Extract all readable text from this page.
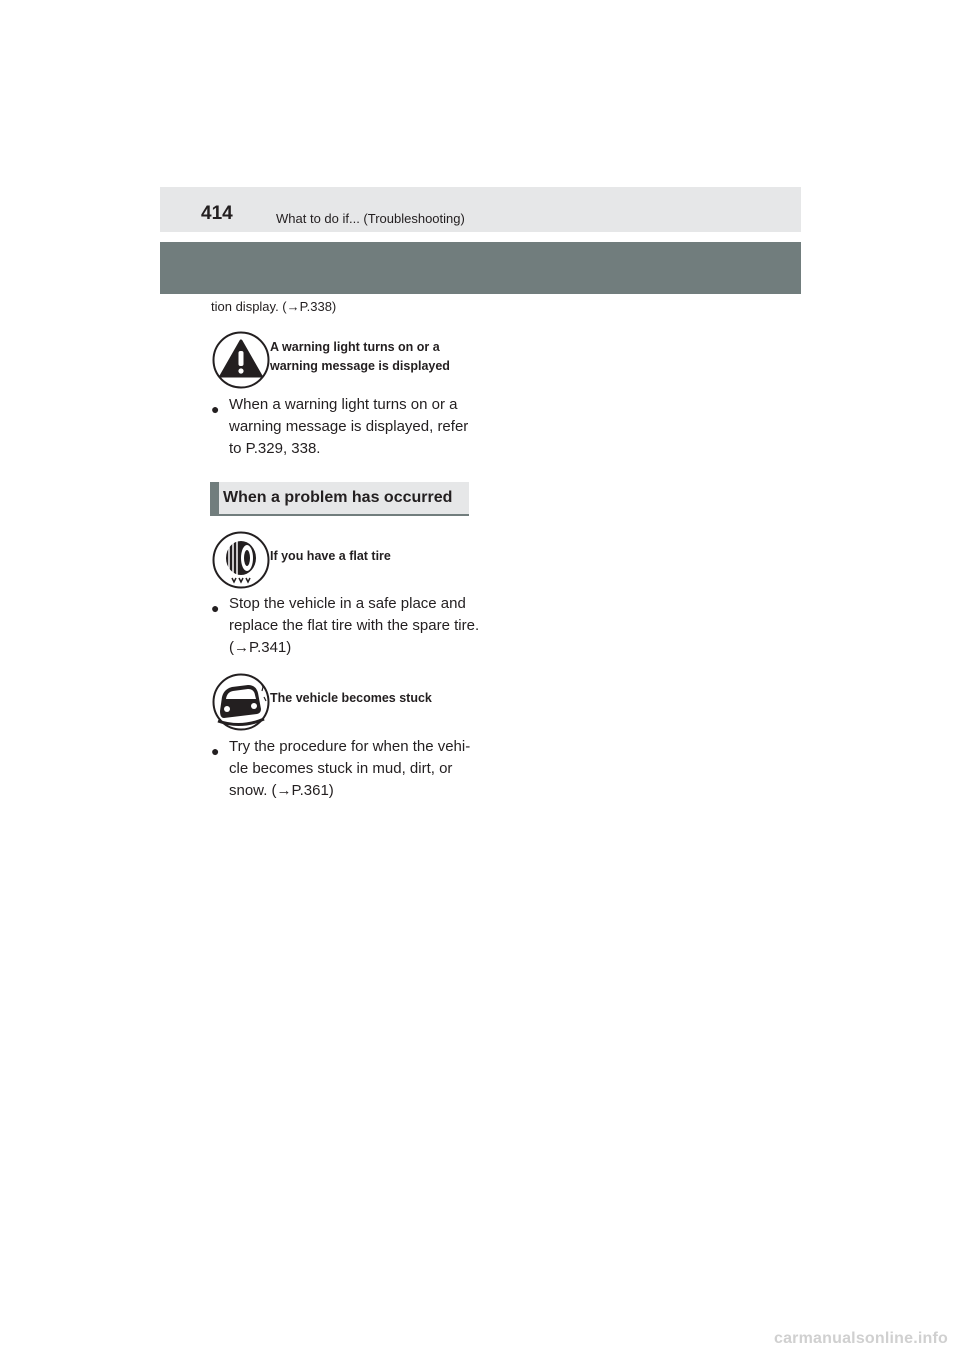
414	What to do if... (Troubleshooting)
tion display. (→P.338)
A warning light turns on or a warning message is displayed
● When a warning light turns on or a warning message is displayed, refer to P.329, 338.
When a problem has occurred
If you have a flat tire
● Stop the vehicle in a safe place and replace the flat tire with the spare tire. (→P.341)
The vehicle becomes stuck
● Try the procedure for when the vehi-cle becomes stuck in mud, dirt, or snow. (→P.361)
carmanualsonline.info
